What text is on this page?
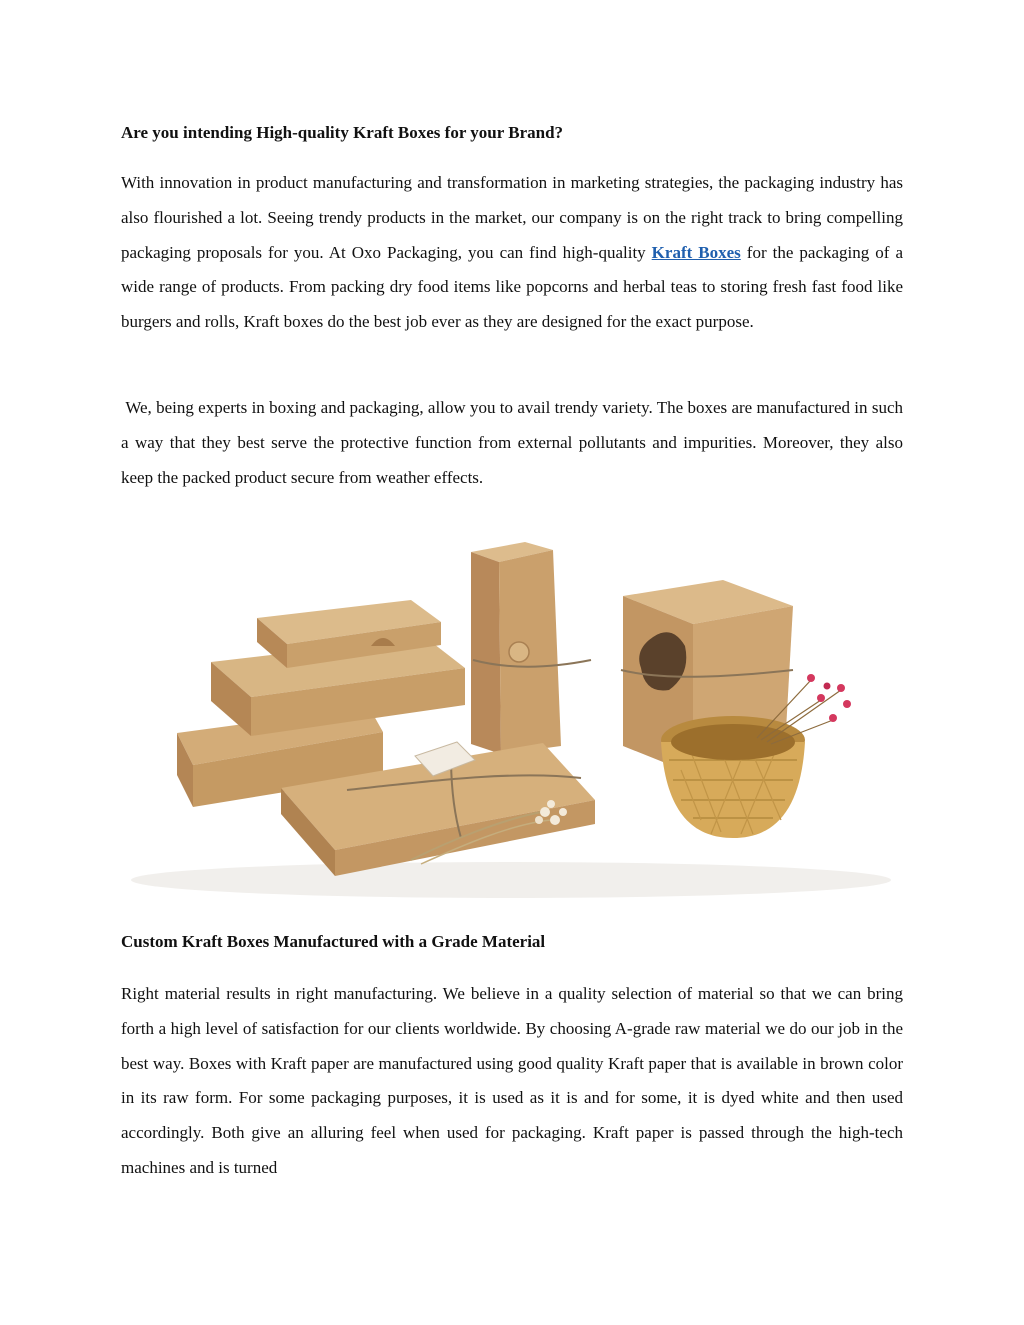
Are you intending High-quality Kraft Boxes for your Brand?

With innovation in product manufacturing and transformation in marketing strategies, the packaging industry has also flourished a lot. Seeing trendy products in the market, our company is on the right track to bring compelling packaging proposals for you. At Oxo Packaging, you can find high-quality Kraft Boxes for the packaging of a wide range of products. From packing dry food items like popcorns and herbal teas to storing fresh fast food like burgers and rolls, Kraft boxes do the best job ever as they are designed for the exact purpose.

We, being experts in boxing and packaging, allow you to avail trendy variety. The boxes are manufactured in such a way that they best serve the protective function from external pollutants and impurities. Moreover, they also keep the packed product secure from weather effects.

Custom Kraft Boxes Manufactured with a Grade Material

Right material results in right manufacturing. We believe in a quality selection of material so that we can bring forth a high level of satisfaction for our clients worldwide. By choosing A-grade raw material we do our job in the best way. Boxes with Kraft paper are manufactured using good quality Kraft paper that is available in brown color in its raw form. For some packaging purposes, it is used as it is and for some, it is dyed white and then used accordingly. Both give an alluring feel when used for packaging. Kraft paper is passed through the high-tech machines and is turned
